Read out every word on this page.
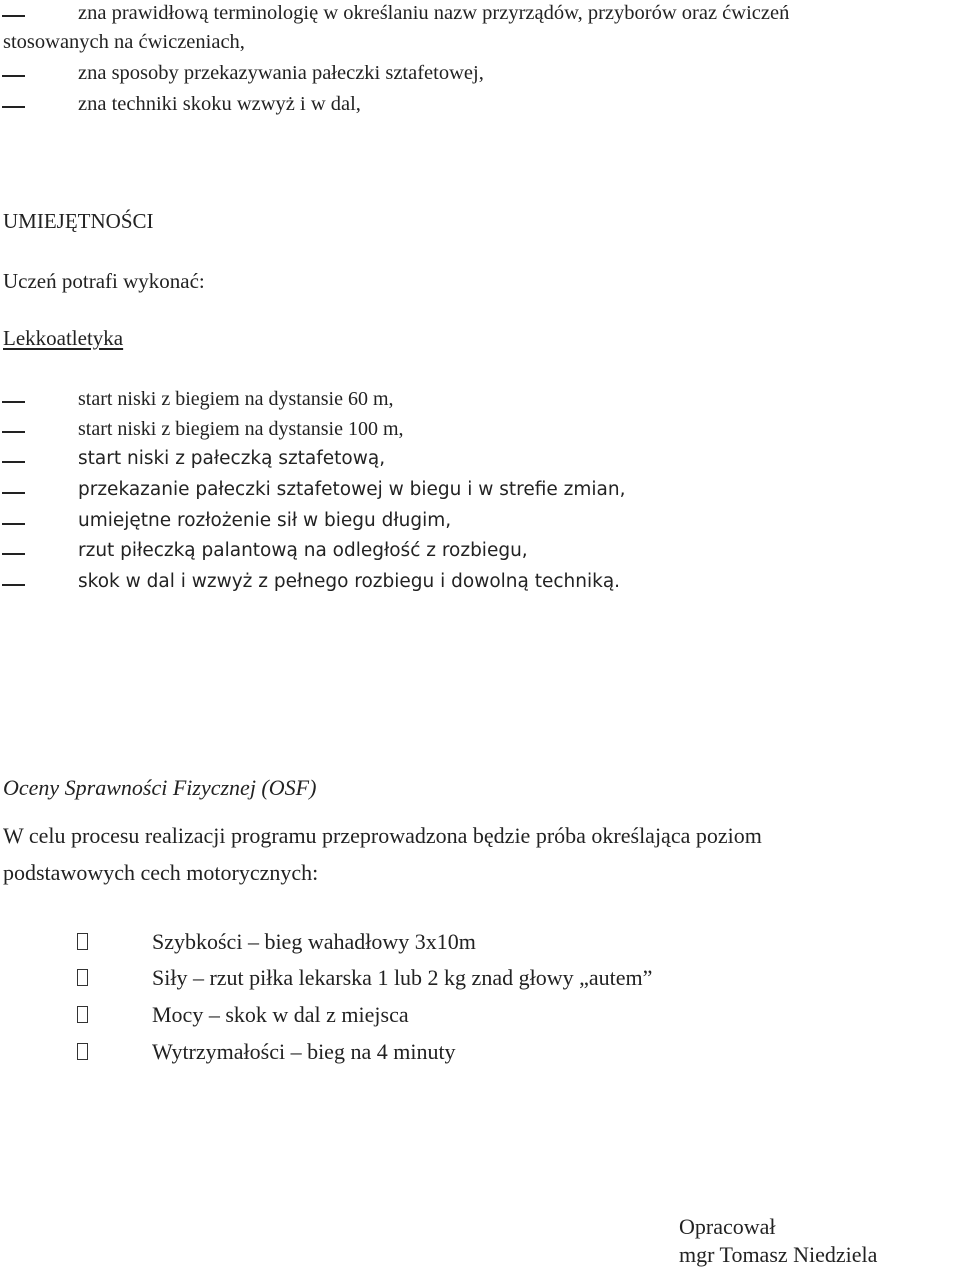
zna prawidłową terminologię w określaniu nazw przyrządów, przyborów oraz ćwiczeń
stosowanych na ćwiczeniach,
zna sposoby przekazywania pałeczki sztafetowej,
zna techniki skoku wzwyż i w dal,
UMIEJĘTNOŚCI
Uczeń potrafi wykonać:
Lekkoatletyka
start niski z biegiem na dystansie 60 m,
start niski z biegiem na dystansie 100 m,
start niski z pałeczką sztafetową,
przekazanie pałeczki sztafetowej w biegu i w strefie zmian,
umiejętne rozłożenie sił w biegu długim,
rzut piłeczką palantową na odległość z rozbiegu,
skok w dal i wzwyż z pełnego rozbiegu i dowolną techniką.
Oceny Sprawności Fizycznej (OSF)
W celu procesu realizacji programu przeprowadzona będzie próba określająca poziom
podstawowych cech motorycznych:
Szybkości – bieg wahadłowy 3x10m
Siły – rzut piłka lekarska 1 lub 2 kg znad głowy „autem”
Mocy – skok w dal z miejsca
Wytrzymałości – bieg na 4 minuty
Opracował
mgr Tomasz Niedziela
